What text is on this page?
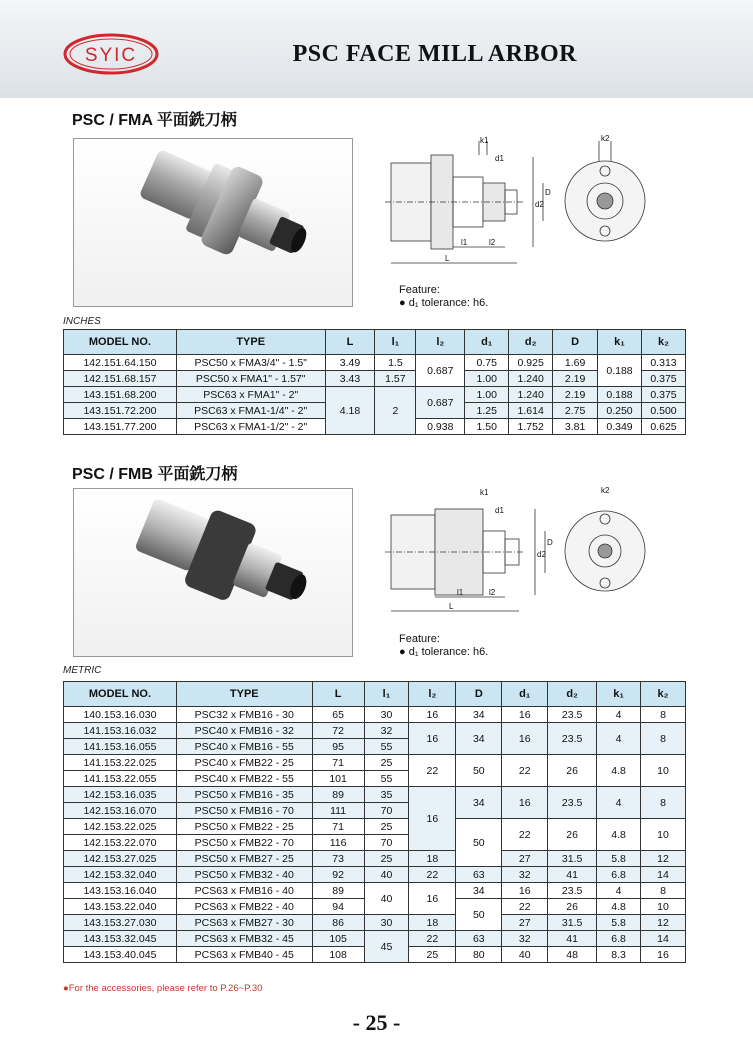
SYIC	PSC FACE MILL ARBOR
PSC / FMA 平面銑刀柄
k1
d1
d2
D
l1	l2
L
k2
Feature:
● d₁ tolerance: h6.
INCHES
MODEL NO.	TYPE	L	l₁	l₂	d₁	d₂	D	k₁	k₂
142.151.64.150	PSC50 x FMA3/4" - 1.5"	3.49	1.5	0.687	0.75	0.925	1.69	0.188	0.313
142.151.68.157	PSC50 x FMA1" - 1.57"	3.43	1.57		1.00	1.240	2.19		0.375
143.151.68.200	PSC63 x FMA1" - 2"	4.18	2	0.687	1.00	1.240	2.19	0.188	0.375
143.151.72.200	PSC63 x FMA1-1/4" - 2"				1.25	1.614	2.75	0.250	0.500
143.151.77.200	PSC63 x FMA1-1/2" - 2"			0.938	1.50	1.752	3.81	0.349	0.625
PSC / FMB 平面銑刀柄
k1
d1
d2
D
l1	l2
L
k2
Feature:
● d₁ tolerance: h6.
METRIC
MODEL NO.	TYPE	L	l₁	l₂	D	d₁	d₂	k₁	k₂
140.153.16.030	PSC32 x FMB16 - 30	65	30	16	34	16	23.5	4	8
141.153.16.032	PSC40 x FMB16 - 32	72	32	16	34	16	23.5	4	8
141.153.16.055	PSC40 x FMB16 - 55	95	55						
141.153.22.025	PSC40 x FMB22 - 25	71	25	22	50	22	26	4.8	10
141.153.22.055	PSC40 x FMB22 - 55	101	55						
142.153.16.035	PSC50 x FMB16 - 35	89	35	16	34	16	23.5	4	8
142.153.16.070	PSC50 x FMB16 - 70	111	70						
142.153.22.025	PSC50 x FMB22 - 25	71	25		50	22	26	4.8	10
142.153.22.070	PSC50 x FMB22 - 70	116	70						
142.153.27.025	PSC50 x FMB27 - 25	73	25	18		27	31.5	5.8	12
142.153.32.040	PSC50 x FMB32 - 40	92	40	22	63	32	41	6.8	14
143.153.16.040	PCS63 x FMB16 - 40	89	40	16	34	16	23.5	4	8
143.153.22.040	PCS63 x FMB22 - 40	94			50	22	26	4.8	10
143.153.27.030	PCS63 x FMB27 - 30	86	30	18		27	31.5	5.8	12
143.153.32.045	PCS63 x FMB32 - 45	105	45	22	63	32	41	6.8	14
143.153.40.045	PCS63 x FMB40 - 45	108		25	80	40	48	8.3	16
●For the accessories, please refer to P.26~P.30
- 25 -
